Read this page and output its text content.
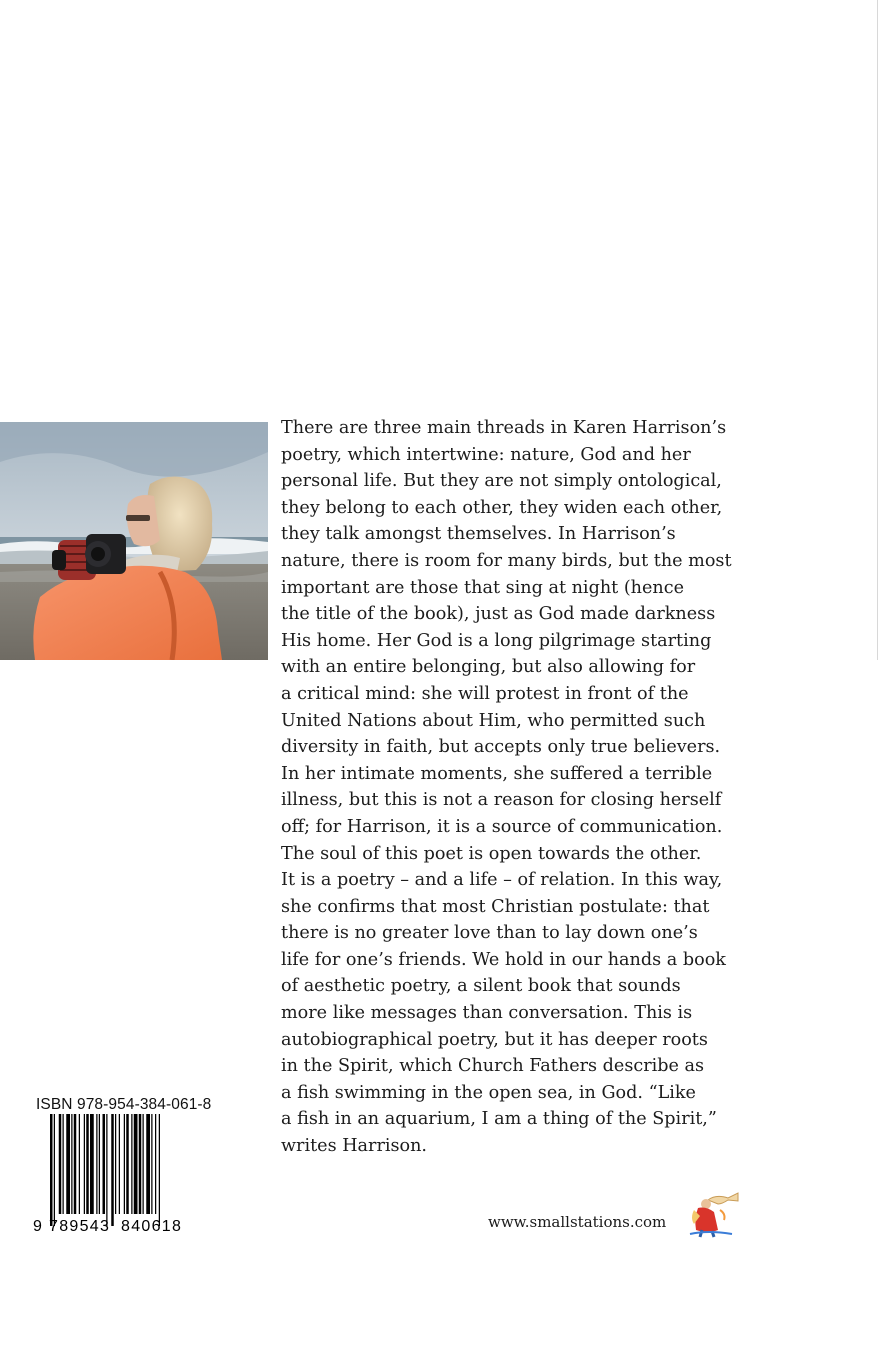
There are three main threads in Karen Harrison’s
poetry, which intertwine: nature, God and her
personal life. But they are not simply ontological,
they belong to each other, they widen each other,
they talk amongst themselves. In Harrison’s
nature, there is room for many birds, but the most
important are those that sing at night (hence
the title of the book), just as God made darkness
His home. Her God is a long pilgrimage starting
with an entire belonging, but also allowing for
a critical mind: she will protest in front of the
United Nations about Him, who permitted such
diversity in faith, but accepts only true believers.
In her intimate moments, she suffered a terrible
illness, but this is not a reason for closing herself
off; for Harrison, it is a source of communication.
The soul of this poet is open towards the other.
It is a poetry – and a life – of relation. In this way,
she confirms that most Christian postulate: that
there is no greater love than to lay down one’s
life for one’s friends. We hold in our hands a book
of aesthetic poetry, a silent book that sounds
more like messages than conversation. This is
autobiographical poetry, but it has deeper roots
in the Spirit, which Church Fathers describe as
a fish swimming in the open sea, in God. “Like
a fish in an aquarium, I am a thing of the Spirit,”
writes Harrison.
ISBN 978-954-384-061-8
9 789543 840618	www.smallstations.com
